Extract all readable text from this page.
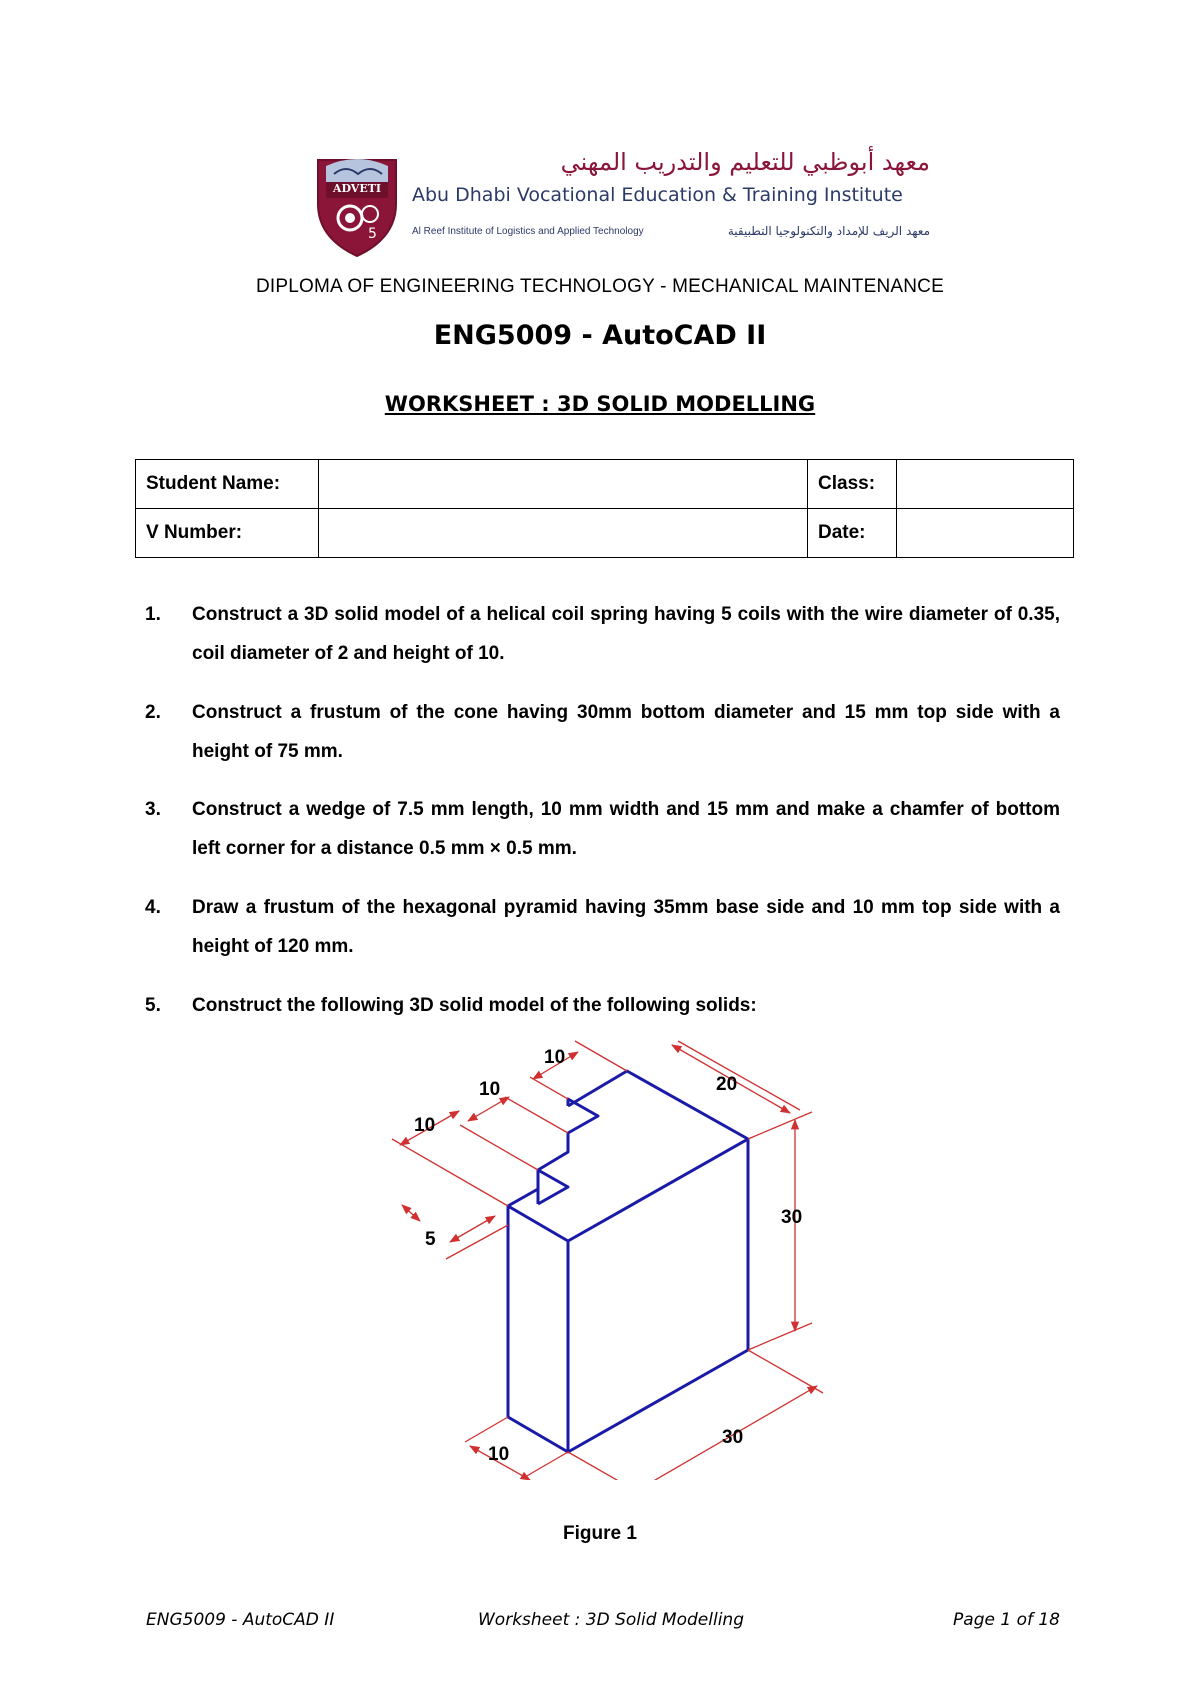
5
ADVETI
معهد أبوظبي للتعليم والتدريب المهني
Abu Dhabi Vocational Education & Training Institute
Al Reef Institute of Logistics and Applied Technology	معهد الريف للإمداد والتكنولوجيا التطبيقية
DIPLOMA OF ENGINEERING TECHNOLOGY - MECHANICAL MAINTENANCE
ENG5009 - AutoCAD II
WORKSHEET : 3D SOLID MODELLING
Student Name:		Class:	
V Number:		Date:	
1. Construct a 3D solid model of a helical coil spring having 5 coils with the wire diameter of 0.35, coil diameter of 2 and height of 10.
2. Construct a frustum of the cone having 30mm bottom diameter and 15 mm top side with a height of 75 mm.
3. Construct a wedge of 7.5 mm length, 10 mm width and 15 mm and make a chamfer of bottom left corner for a distance 0.5 mm × 0.5 mm.
4. Draw a frustum of the hexagonal pyramid having 35mm base side and 10 mm top side with a height of 120 mm.
5. Construct the following 3D solid model of the following solids:
10
10
10
5
20
30
30
10
Figure 1
ENG5009 - AutoCAD II	Worksheet : 3D Solid Modelling	Page 1 of 18
